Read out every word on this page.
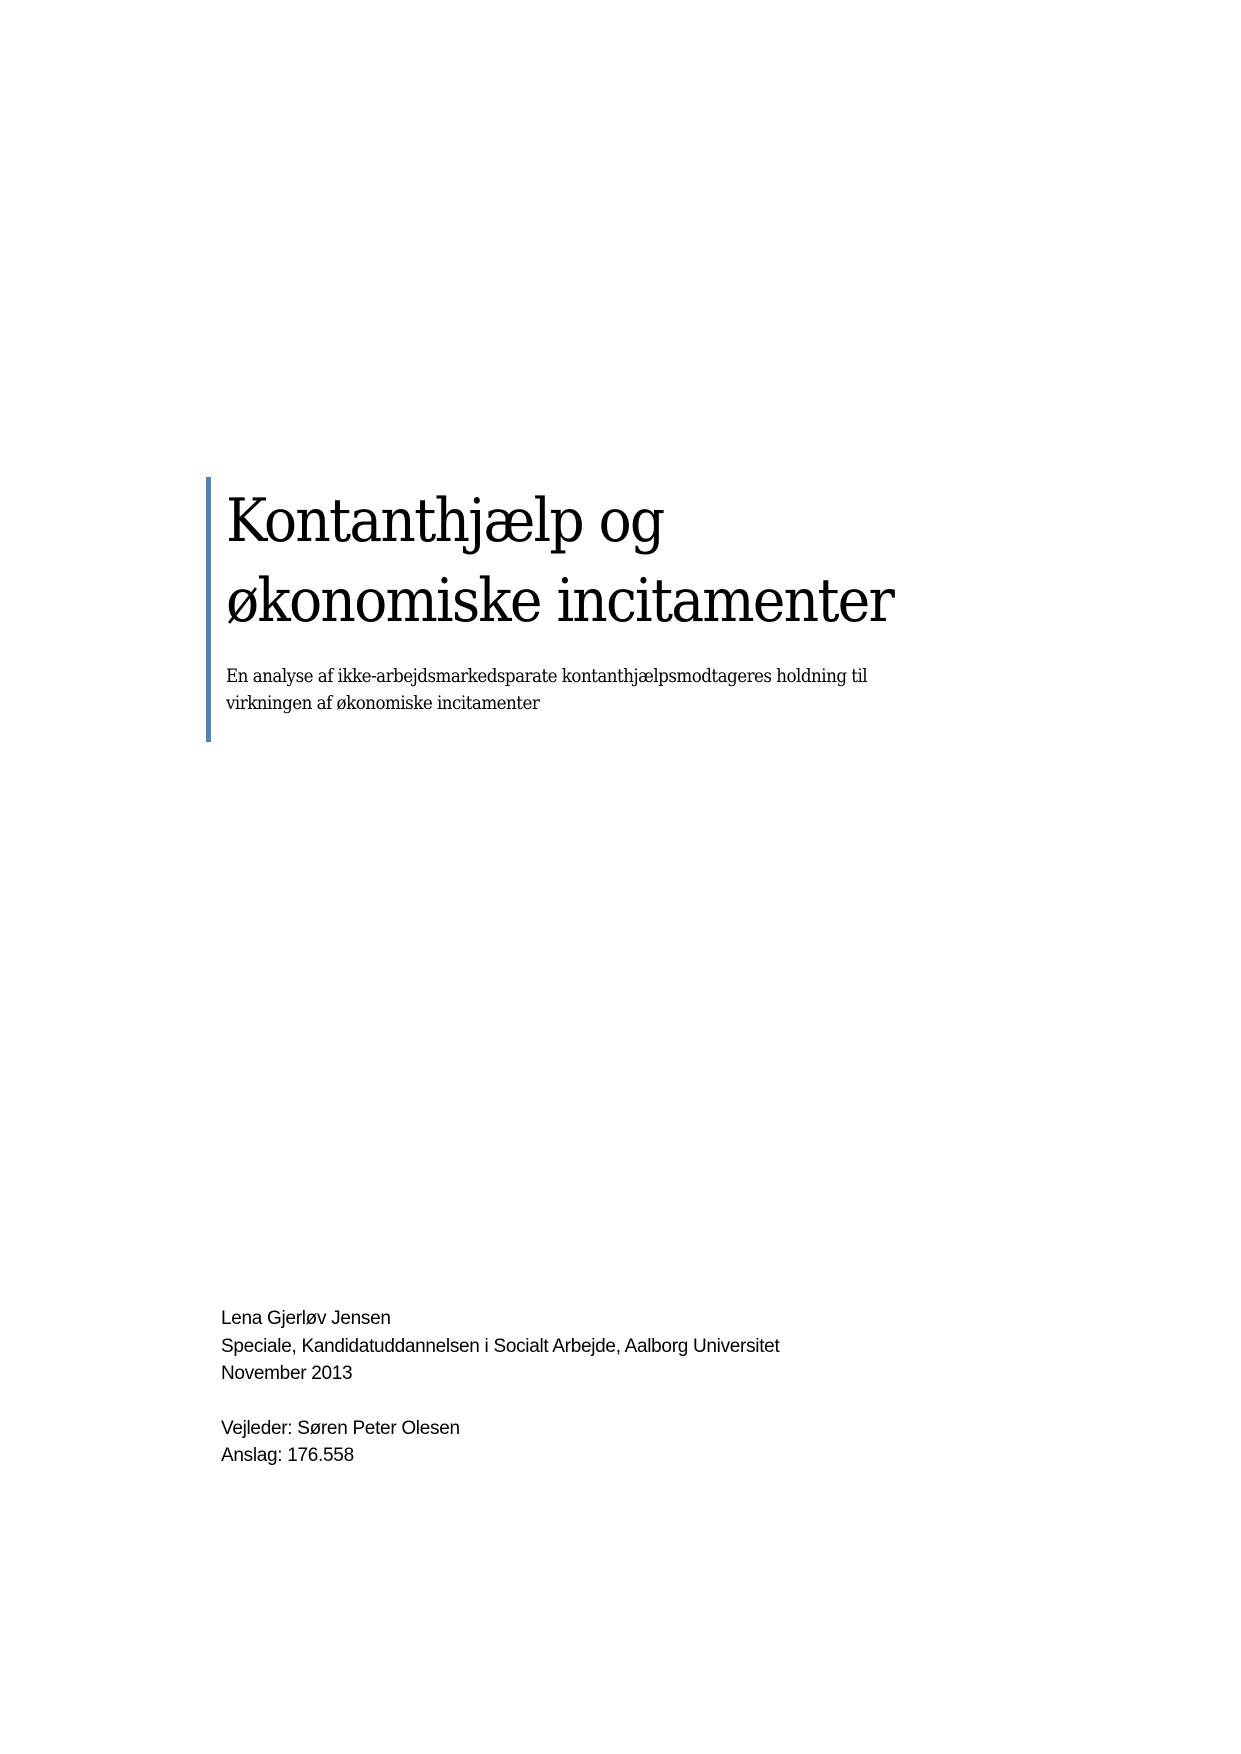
Kontanthjælp og
økonomiske incitamenter

En analyse af ikke-arbejdsmarkedsparate kontanthjælpsmodtageres holdning til
virkningen af økonomiske incitamenter

Lena Gjerløv Jensen
Speciale, Kandidatuddannelsen i Socialt Arbejde, Aalborg Universitet
November 2013
Vejleder: Søren Peter Olesen
Anslag: 176.558
